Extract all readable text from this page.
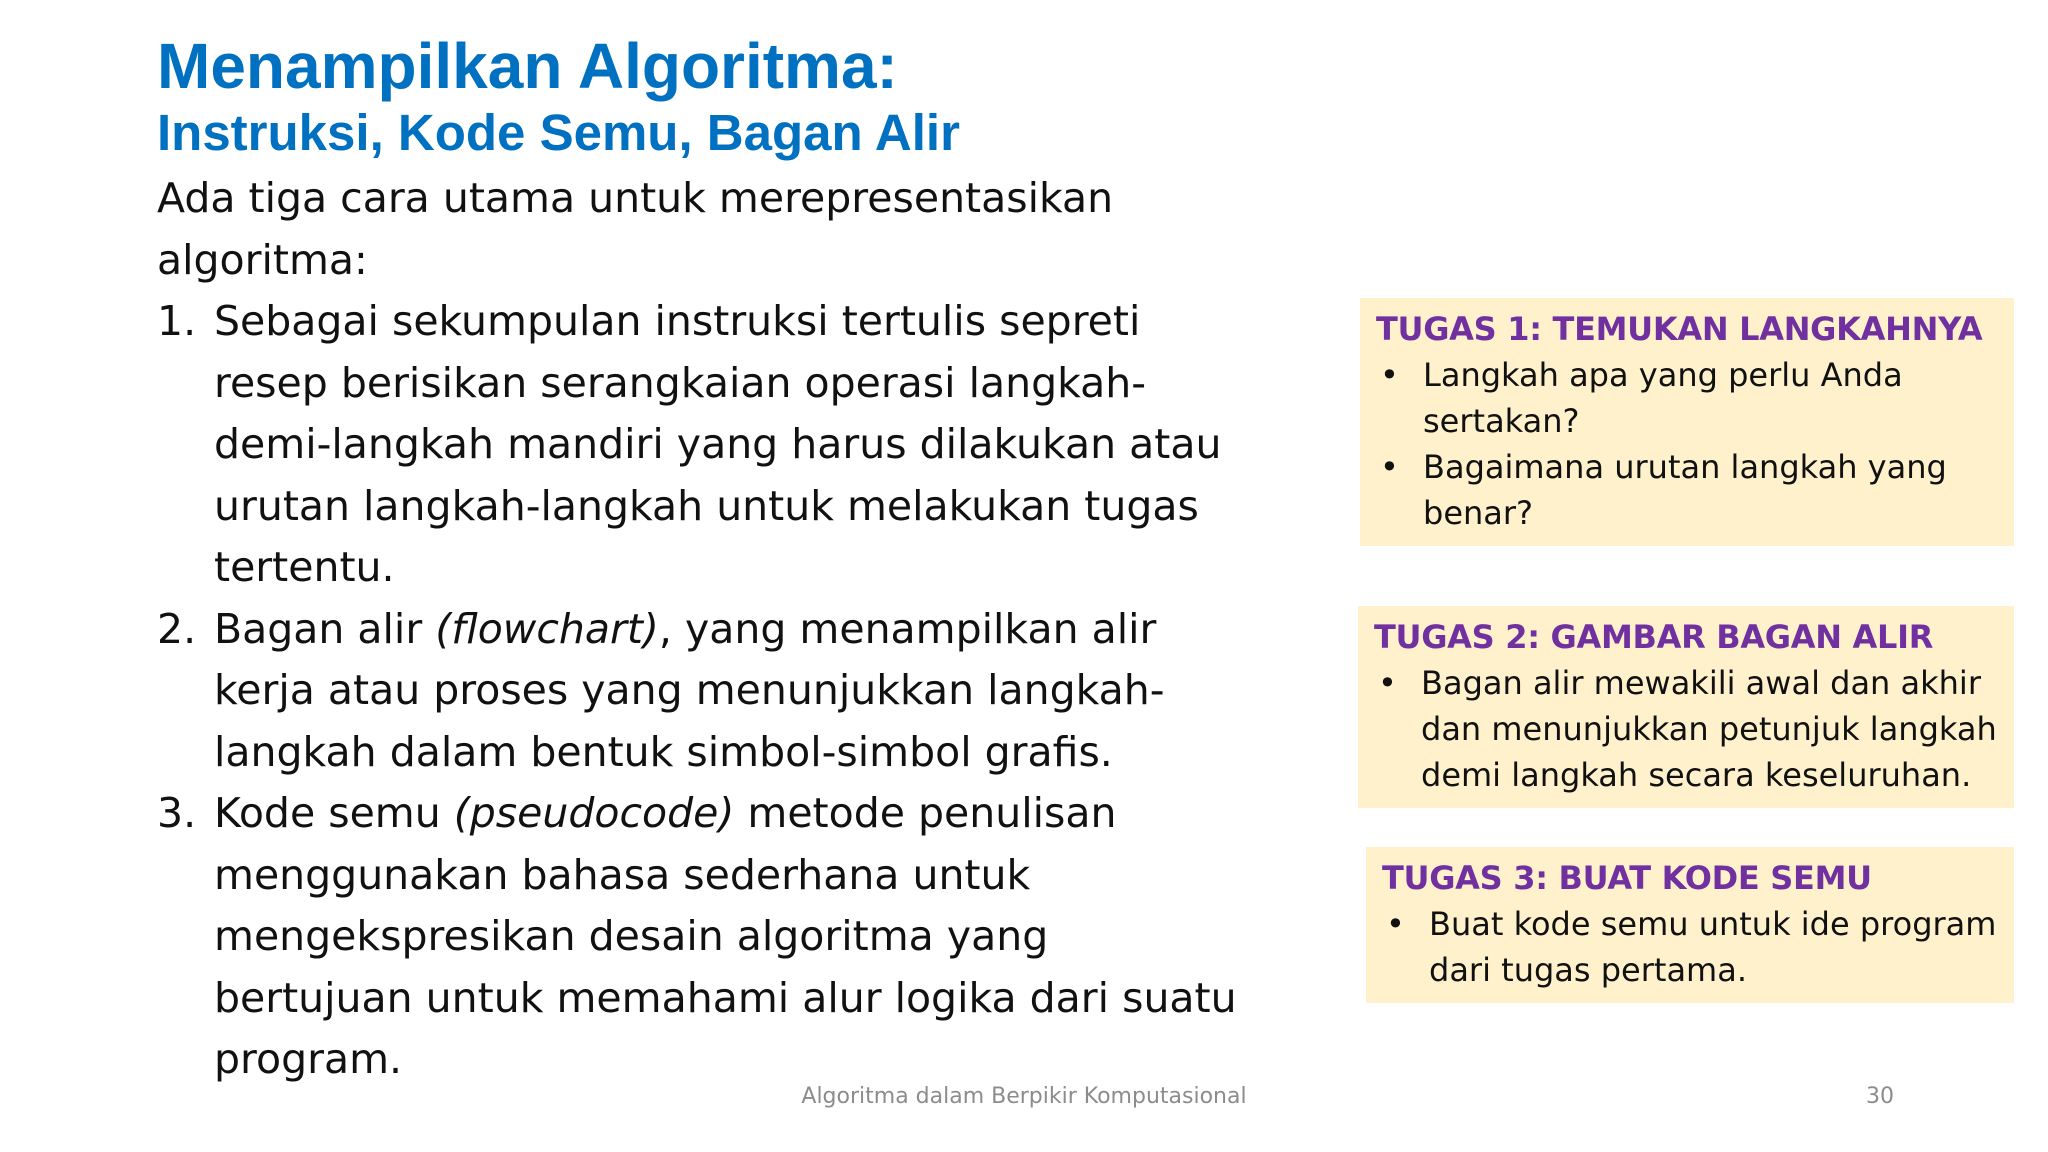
Menampilkan Algoritma:
Instruksi, Kode Semu, Bagan Alir

Ada tiga cara utama untuk merepresentasikan algoritma:

1. Sebagai sekumpulan instruksi tertulis sepreti resep berisikan serangkaian operasi langkah-demi-langkah mandiri yang harus dilakukan atau urutan langkah-langkah untuk melakukan tugas tertentu.
2. Bagan alir (flowchart), yang menampilkan alir kerja atau proses yang menunjukkan langkah-langkah dalam bentuk simbol-simbol grafis.
3. Kode semu (pseudocode) metode penulisan menggunakan bahasa sederhana untuk mengekspresikan desain algoritma yang bertujuan untuk memahami alur logika dari suatu program.

TUGAS 1: TEMUKAN LANGKAHNYA

• Langkah apa yang perlu Anda sertakan?
• Bagaimana urutan langkah yang benar?

TUGAS 2: GAMBAR BAGAN ALIR

• Bagan alir mewakili awal dan akhir dan menunjukkan petunjuk langkah demi langkah secara keseluruhan.

TUGAS 3: BUAT KODE SEMU

• Buat kode semu untuk ide program dari tugas pertama.
Algoritma dalam Berpikir Komputasional	30
